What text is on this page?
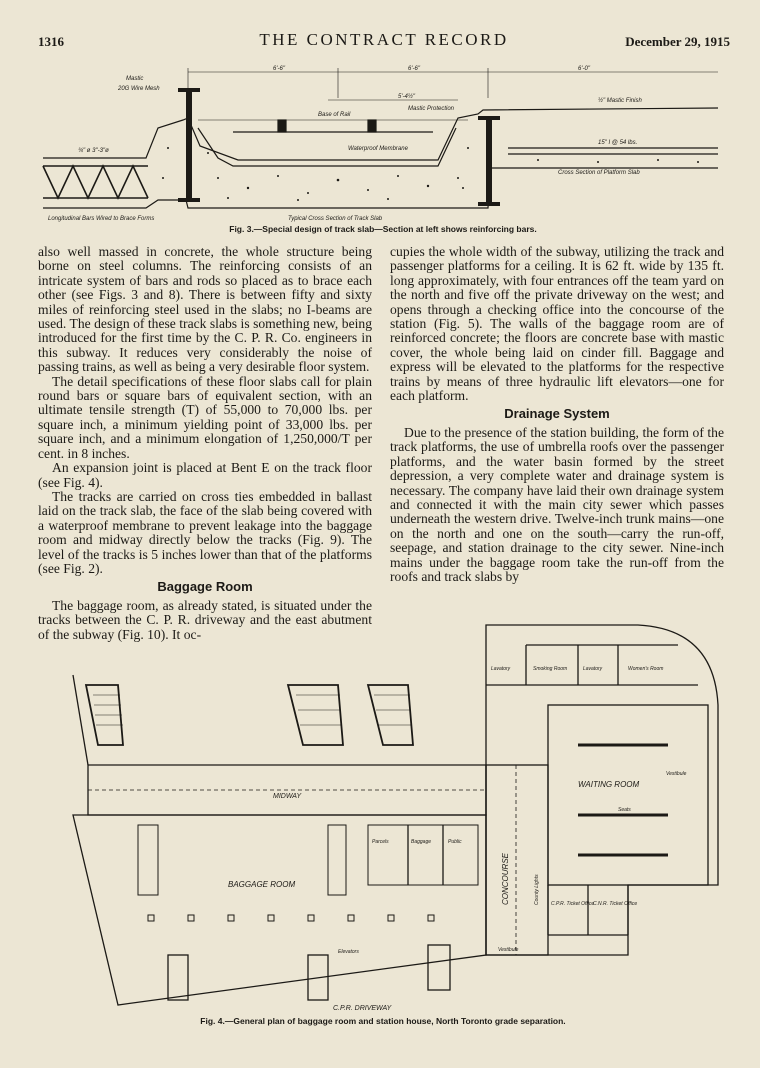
1316	THE CONTRACT RECORD	December 29, 1915
6'-6"	6'-6"	6'-0"
5'-4½"
Mastic
20G Wire Mesh
Base of Rail
Mastic Protection
½" Mastic Finish
Waterproof Membrane
Cross Section of Platform Slab
15" I @ 54 lbs.
Longitudinal Bars Wired to Brace Forms	Typical Cross Section of Track Slab
¾" ø 3"-3"ø
Fig. 3.—Special design of track slab—Section at left shows reinforcing bars.

also well massed in concrete, the whole structure being borne on steel columns. The reinforcing consists of an intricate system of bars and rods so placed as to brace each other (see Figs. 3 and 8). There is between fifty and sixty miles of reinforcing steel used in the slabs; no I-beams are used. The design of these track slabs is something new, being introduced for the first time by the C. P. R. Co. engineers in this subway. It reduces very considerably the noise of passing trains, as well as being a very desirable floor system.

The detail specifications of these floor slabs call for plain round bars or square bars of equivalent section, with an ultimate tensile strength (T) of 55,000 to 70,000 lbs. per square inch, a minimum yielding point of 33,000 lbs. per square inch, and a minimum elongation of 1,250,000/T per cent. in 8 inches.

An expansion joint is placed at Bent E on the track floor (see Fig. 4).

The tracks are carried on cross ties embedded in ballast laid on the track slab, the face of the slab being covered with a waterproof membrane to prevent leakage into the baggage room and midway directly below the tracks (Fig. 9). The level of the tracks is 5 inches lower than that of the platforms (see Fig. 2).

Baggage Room

The baggage room, as already stated, is situated under the tracks between the C. P. R. driveway and the east abutment of the subway (Fig. 10). It oc-

cupies the whole width of the subway, utilizing the track and passenger platforms for a ceiling. It is 62 ft. wide by 135 ft. long approximately, with four entrances off the team yard on the north and five off the private driveway on the west; and opens through a checking office into the concourse of the station (Fig. 5). The walls of the baggage room are of reinforced concrete; the floors are concrete base with mastic cover, the whole being laid on cinder fill. Baggage and express will be elevated to the platforms for the respective trains by means of three hydraulic lift elevators—one for each platform.

Drainage System

Due to the presence of the station building, the form of the track platforms, the use of umbrella roofs over the passenger platforms, and the water basin formed by the street depression, a very complete water and drainage system is necessary. The company have laid their own drainage system and connected it with the main city sewer which passes underneath the western drive. Twelve-inch trunk mains—one on the north and one on the south—carry the run-off, seepage, and station drainage to the city sewer. Nine-inch mains under the baggage room take the run-off from the roofs and track slabs by

MIDWAY
BAGGAGE ROOM
WAITING ROOM
C.P.R. DRIVEWAY
Parcels	Baggage	Public
Elevators
Lavatory	Lavatory
Smoking Room	Women's Room
Seats
C.P.R. Ticket Office
C.N.R. Ticket Office
Vestibule
Vestibule
CONCOURSE	County Lights
Fig. 4.—General plan of baggage room and station house, North Toronto grade separation.
